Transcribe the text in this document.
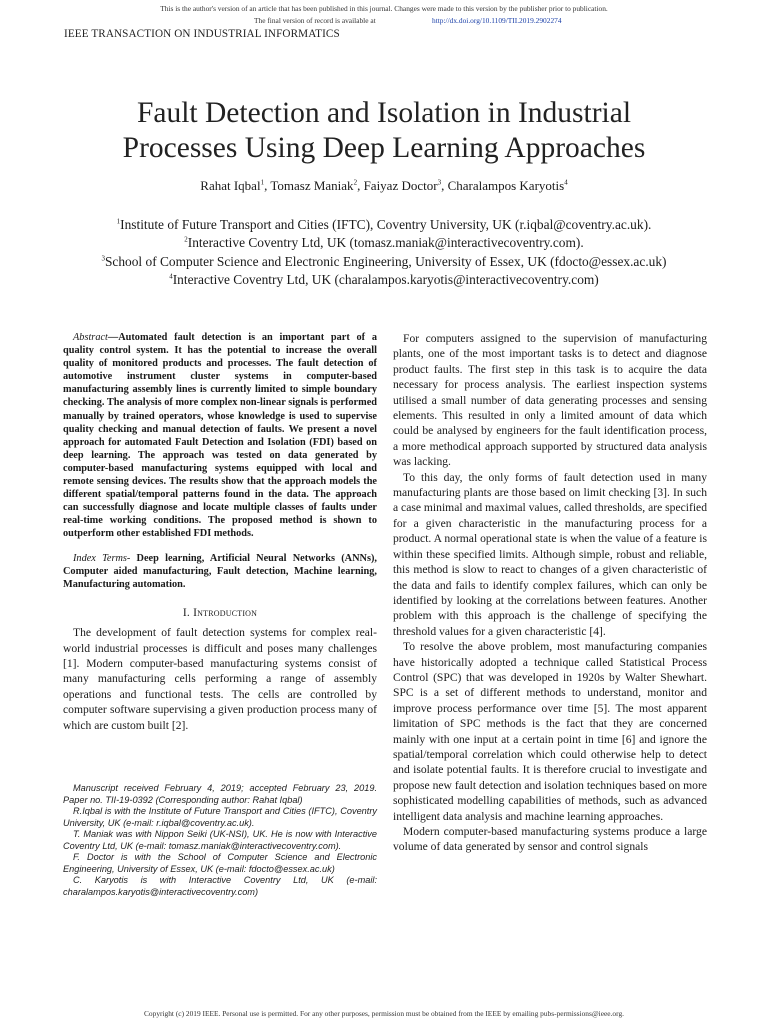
This is the author's version of an article that has been published in this journal. Changes were made to this version by the publisher prior to publication.
The final version of record is available at	http://dx.doi.org/10.1109/TII.2019.2902274
IEEE TRANSACTION ON INDUSTRIAL INFORMATICS
Fault Detection and Isolation in Industrial
Processes Using Deep Learning Approaches
Rahat Iqbal$^1$, Tomasz Maniak$^2$, Faiyaz Doctor$^3$, Charalampos Karyotis$^4$
$^1$Institute of Future Transport and Cities (IFTC), Coventry University, UK (r.iqbal@coventry.ac.uk).
$^2$Interactive Coventry Ltd, UK (tomasz.maniak@interactivecoventry.com).
$^3$School of Computer Science and Electronic Engineering, University of Essex, UK (fdocto@essex.ac.uk)
$^4$Interactive Coventry Ltd, UK (charalampos.karyotis@interactivecoventry.com)

Abstract—Automated fault detection is an important part of a quality control system. It has the potential to increase the overall quality of monitored products and processes. The fault detection of automotive instrument cluster systems in computer-based manufacturing assembly lines is currently limited to simple boundary checking. The analysis of more complex non-linear signals is performed manually by trained operators, whose knowledge is used to supervise quality checking and manual detection of faults. We present a novel approach for automated Fault Detection and Isolation (FDI) based on deep learning. The approach was tested on data generated by computer-based manufacturing systems equipped with local and remote sensing devices. The results show that the approach models the different spatial/temporal patterns found in the data. The approach can successfully diagnose and locate multiple classes of faults under real-time working conditions. The proposed method is shown to outperform other established FDI methods.

Index Terms- Deep learning, Artificial Neural Networks (ANNs), Computer aided manufacturing, Fault detection, Machine learning, Manufacturing automation.

I. Introduction

The development of fault detection systems for complex real-world industrial processes is difficult and poses many challenges [1]. Modern computer-based manufacturing systems consist of many manufacturing cells performing a range of assembly operations and functional tests. The cells are controlled by computer software supervising a given production process many of which are custom built [2].

Manuscript received February 4, 2019; accepted February 23, 2019. Paper no. TII-19-0392 (Corresponding author: Rahat Iqbal)

R.Iqbal is with the Institute of Future Transport and Cities (IFTC), Coventry University, UK (e-mail: r.iqbal@coventry.ac.uk).

T. Maniak was with Nippon Seiki (UK-NSI), UK. He is now with Interactive Coventry Ltd, UK (e-mail: tomasz.maniak@interactivecoventry.com).

F. Doctor is with the School of Computer Science and Electronic Engineering, University of Essex, UK (e-mail: fdocto@essex.ac.uk)

C. Karyotis is with Interactive Coventry Ltd, UK (e-mail: charalampos.karyotis@interactivecoventry.com)

For computers assigned to the supervision of manufacturing plants, one of the most important tasks is to detect and diagnose product faults. The first step in this task is to acquire the data necessary for process analysis. The earliest inspection systems utilised a small number of data generating processes and sensing elements. This resulted in only a limited amount of data which could be analysed by engineers for the fault identification process, a more methodical approach supported by structured data analysis was lacking.

To this day, the only forms of fault detection used in many manufacturing plants are those based on limit checking [3]. In such a case minimal and maximal values, called thresholds, are specified for a given characteristic in the manufacturing process for a product. A normal operational state is when the value of a feature is within these specified limits. Although simple, robust and reliable, this method is slow to react to changes of a given characteristic of the data and fails to identify complex failures, which can only be identified by looking at the correlations between features. Another problem with this approach is the challenge of specifying the threshold values for a given characteristic [4].

To resolve the above problem, most manufacturing companies have historically adopted a technique called Statistical Process Control (SPC) that was developed in 1920s by Walter Shewhart. SPC is a set of different methods to understand, monitor and improve process performance over time [5]. The most apparent limitation of SPC methods is the fact that they are concerned mainly with one input at a certain point in time [6] and ignore the spatial/temporal correlation which could otherwise help to detect and isolate potential faults. It is therefore crucial to investigate and propose new fault detection and isolation techniques based on more sophisticated modelling capabilities of methods, such as advanced intelligent data analysis and machine learning approaches.

Modern computer-based manufacturing systems produce a large volume of data generated by sensor and control signals

Copyright (c) 2019 IEEE. Personal use is permitted. For any other purposes, permission must be obtained from the IEEE by emailing pubs-permissions@ieee.org.
